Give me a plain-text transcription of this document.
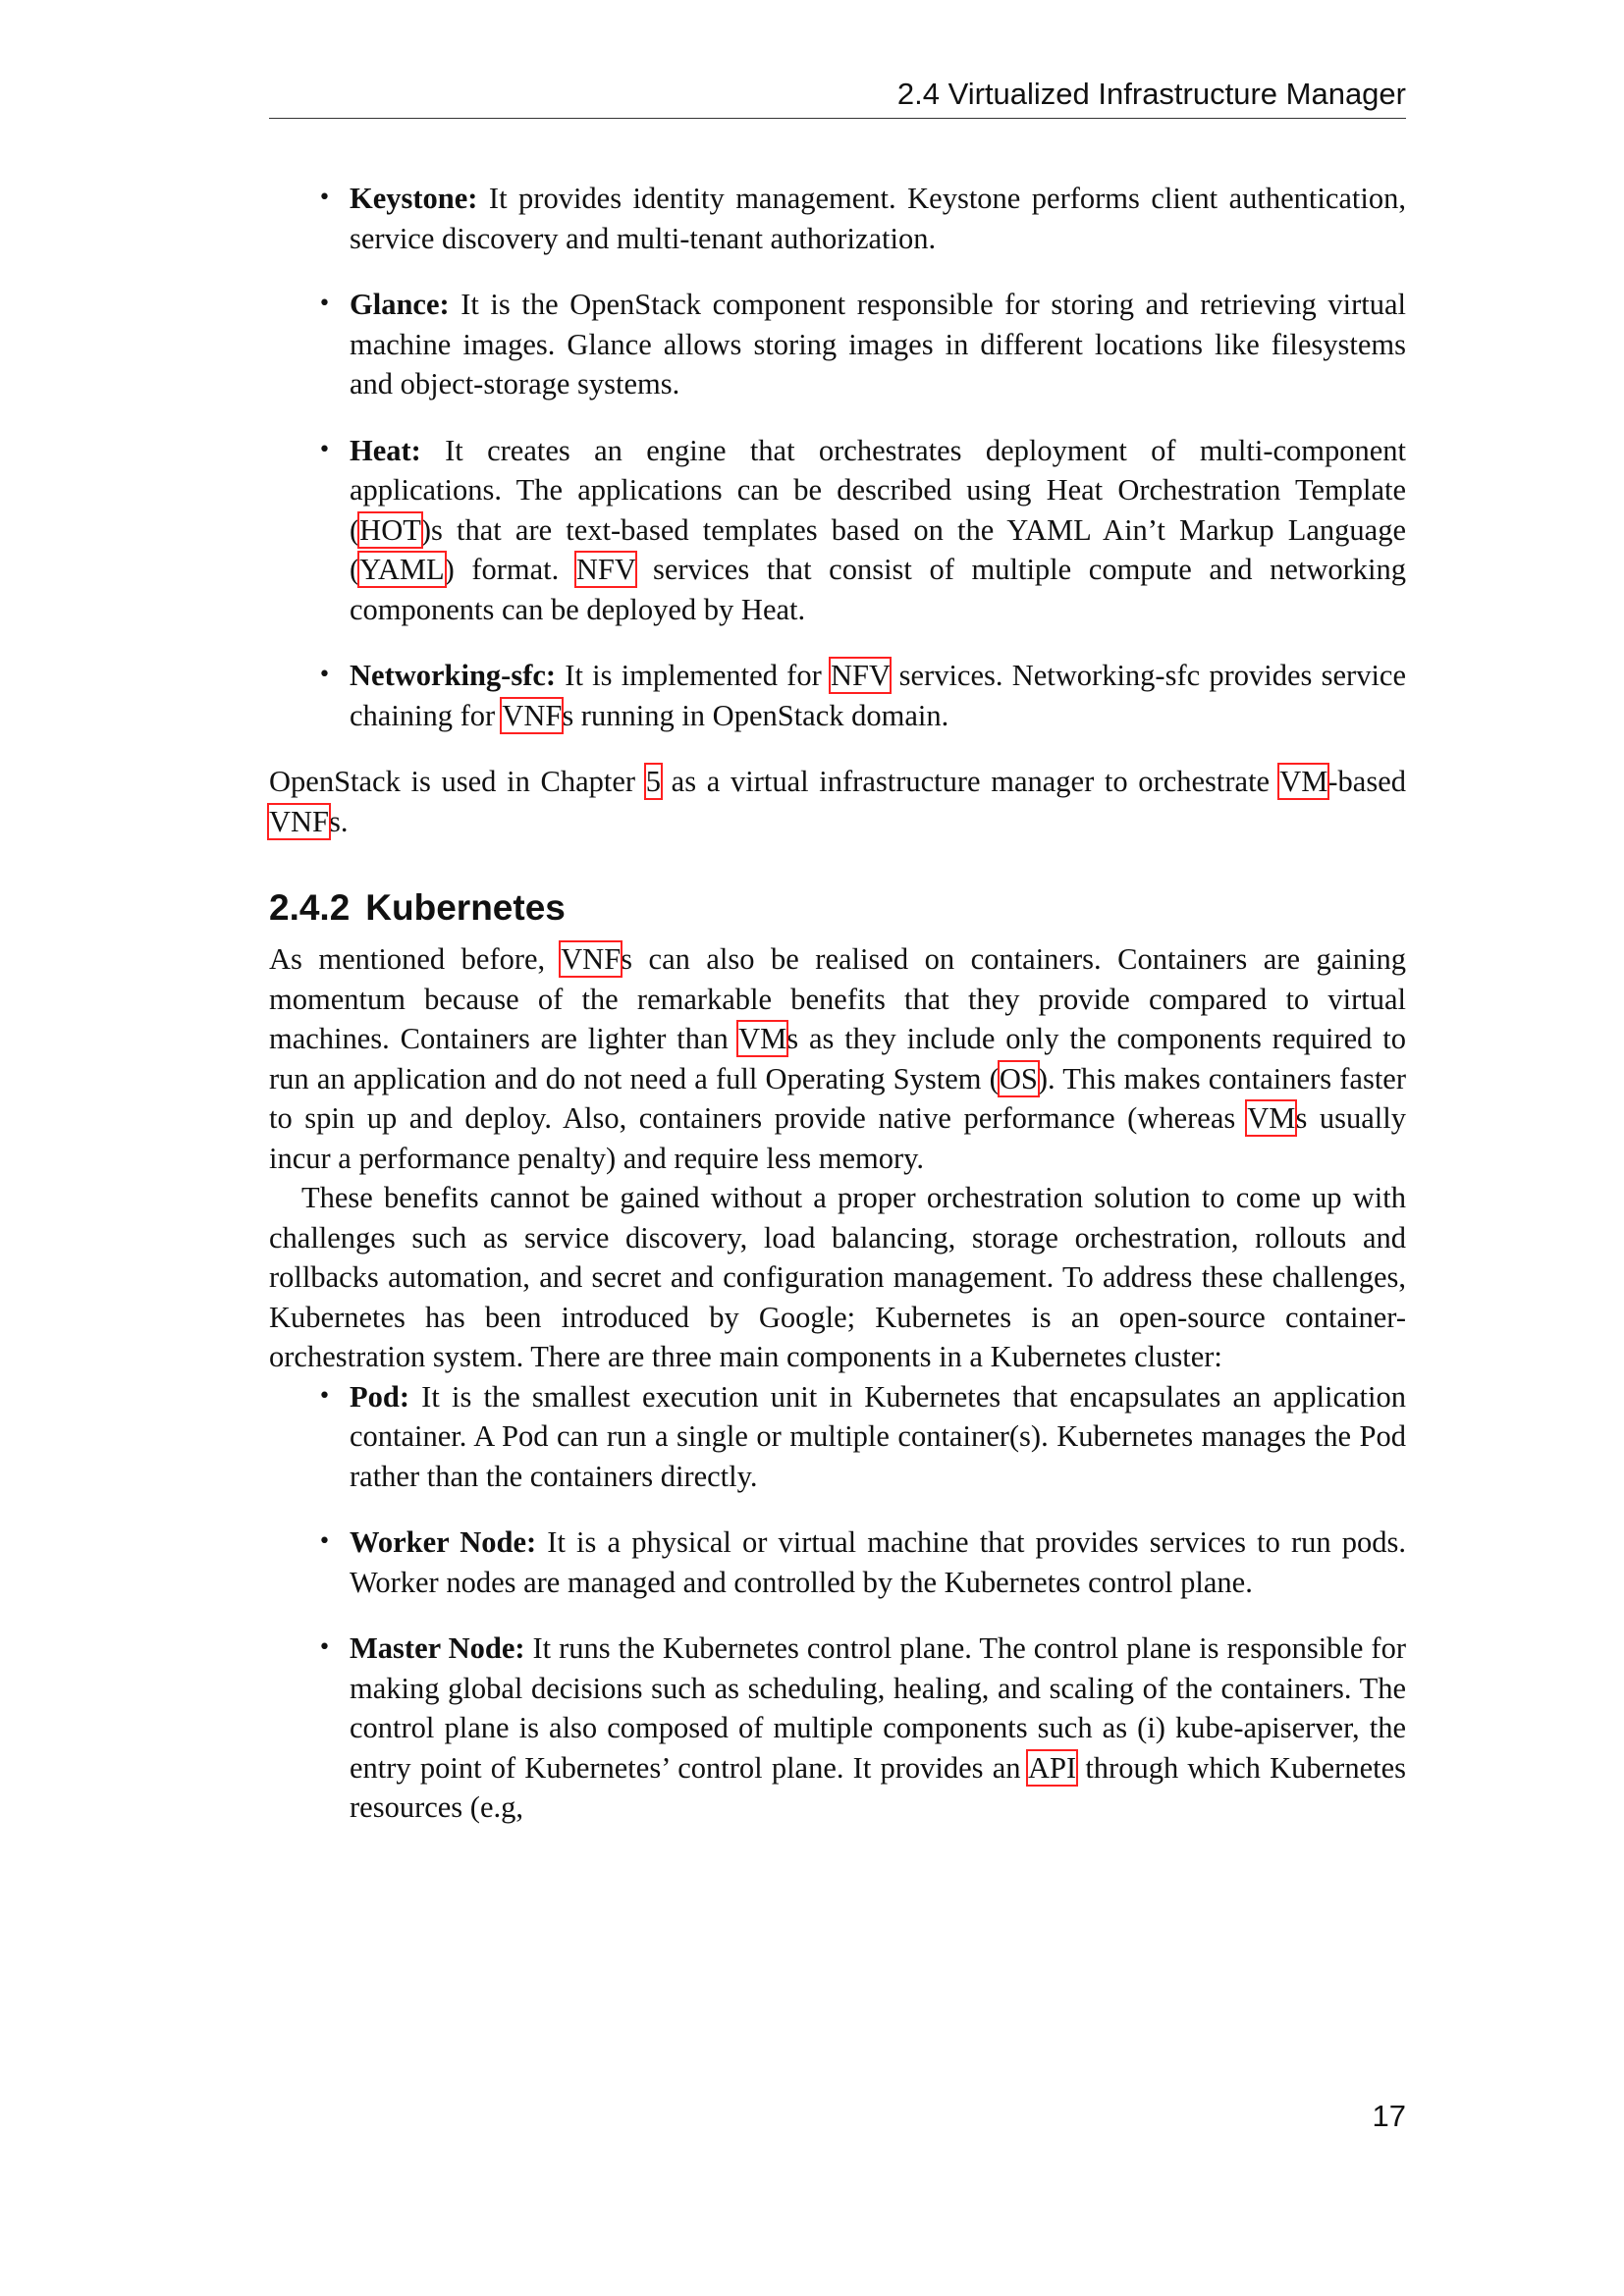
2.4 Virtualized Infrastructure Manager
• Keystone: It provides identity management. Keystone performs client authentication, service discovery and multi-tenant authorization.
• Glance: It is the OpenStack component responsible for storing and retrieving virtual machine images. Glance allows storing images in different locations like filesystems and object-storage systems.
• Heat: It creates an engine that orchestrates deployment of multi-component applications. The applications can be described using Heat Orchestration Template (HOT)s that are text-based templates based on the YAML Ain’t Markup Language (YAML) format. NFV services that consist of multiple compute and networking components can be deployed by Heat.
• Networking-sfc: It is implemented for NFV services. Networking-sfc provides service chaining for VNFs running in OpenStack domain.

OpenStack is used in Chapter 5 as a virtual infrastructure manager to orchestrate VM-based VNFs.

2.4.2 Kubernetes

As mentioned before, VNFs can also be realised on containers. Containers are gaining momentum because of the remarkable benefits that they provide compared to virtual machines. Containers are lighter than VMs as they include only the components required to run an application and do not need a full Operating System (OS). This makes containers faster to spin up and deploy. Also, containers provide native performance (whereas VMs usually incur a performance penalty) and require less memory.

These benefits cannot be gained without a proper orchestration solution to come up with challenges such as service discovery, load balancing, storage orchestration, rollouts and rollbacks automation, and secret and configuration management. To address these challenges, Kubernetes has been introduced by Google; Kubernetes is an open-source container-orchestration system. There are three main components in a Kubernetes cluster:

• Pod: It is the smallest execution unit in Kubernetes that encapsulates an application container. A Pod can run a single or multiple container(s). Kubernetes manages the Pod rather than the containers directly.
• Worker Node: It is a physical or virtual machine that provides services to run pods. Worker nodes are managed and controlled by the Kubernetes control plane.
• Master Node: It runs the Kubernetes control plane. The control plane is responsible for making global decisions such as scheduling, healing, and scaling of the containers. The control plane is also composed of multiple components such as (i) kube-apiserver, the entry point of Kubernetes’ control plane. It provides an API through which Kubernetes resources (e.g,
17
